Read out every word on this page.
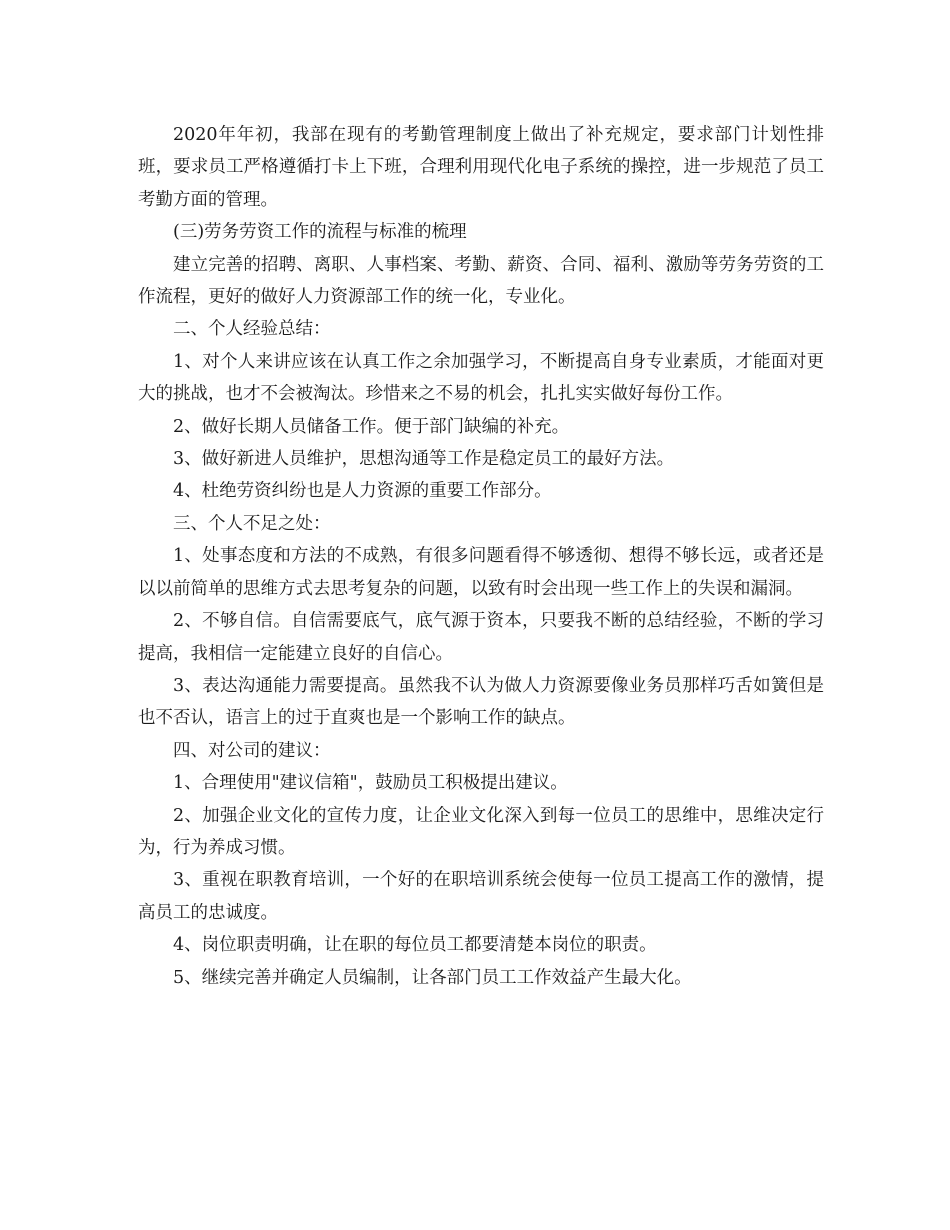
2020年年初，我部在现有的考勤管理制度上做出了补充规定，要求部门计划性排班，要求员工严格遵循打卡上下班，合理利用现代化电子系统的操控，进一步规范了员工考勤方面的管理。

(三)劳务劳资工作的流程与标准的梳理

建立完善的招聘、离职、人事档案、考勤、薪资、合同、福利、激励等劳务劳资的工作流程，更好的做好人力资源部工作的统一化，专业化。

二、个人经验总结：

1、对个人来讲应该在认真工作之余加强学习，不断提高自身专业素质，才能面对更大的挑战，也才不会被淘汰。珍惜来之不易的机会，扎扎实实做好每份工作。

2、做好长期人员储备工作。便于部门缺编的补充。

3、做好新进人员维护，思想沟通等工作是稳定员工的最好方法。

4、杜绝劳资纠纷也是人力资源的重要工作部分。

三、个人不足之处：

1、处事态度和方法的不成熟，有很多问题看得不够透彻、想得不够长远，或者还是以以前简单的思维方式去思考复杂的问题，以致有时会出现一些工作上的失误和漏洞。

2、不够自信。自信需要底气，底气源于资本，只要我不断的总结经验，不断的学习提高，我相信一定能建立良好的自信心。

3、表达沟通能力需要提高。虽然我不认为做人力资源要像业务员那样巧舌如簧但是也不否认，语言上的过于直爽也是一个影响工作的缺点。

四、对公司的建议：

1、合理使用"建议信箱"，鼓励员工积极提出建议。

2、加强企业文化的宣传力度，让企业文化深入到每一位员工的思维中，思维决定行为，行为养成习惯。

3、重视在职教育培训，一个好的在职培训系统会使每一位员工提高工作的激情，提高员工的忠诚度。

4、岗位职责明确，让在职的每位员工都要清楚本岗位的职责。

5、继续完善并确定人员编制，让各部门员工工作效益产生最大化。
